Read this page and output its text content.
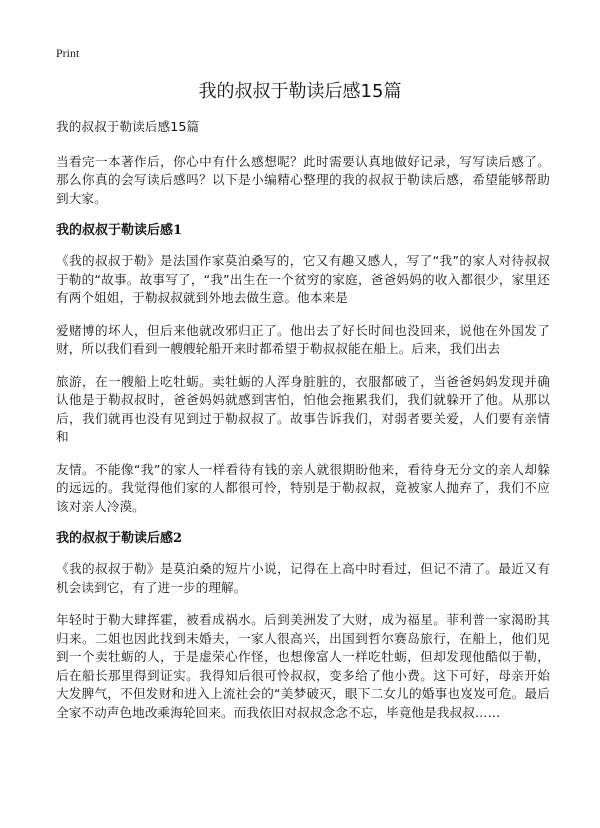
Print
我的叔叔于勒读后感15篇

我的叔叔于勒读后感15篇

当看完一本著作后，你心中有什么感想呢？此时需要认真地做好记录，写写读后感了。那么你真的会写读后感吗？以下是小编精心整理的我的叔叔于勒读后感，希望能够帮助到大家。

我的叔叔于勒读后感1

《我的叔叔于勒》是法国作家莫泊桑写的，它又有趣又感人，写了“我”的家人对待叔叔于勒的“故事。故事写了，“我”出生在一个贫穷的家庭，爸爸妈妈的收入都很少，家里还有两个姐姐，于勒叔叔就到外地去做生意。他本来是

爱赌博的坏人，但后来他就改邪归正了。他出去了好长时间也没回来，说他在外国发了财，所以我们看到一艘艘轮船开来时都希望于勒叔叔能在船上。后来，我们出去

旅游，在一艘船上吃牡蛎。卖牡蛎的人浑身脏脏的，衣服都破了，当爸爸妈妈发现并确认他是于勒叔叔时，爸爸妈妈就感到害怕，怕他会拖累我们，我们就躲开了他。从那以后，我们就再也没有见到过于勒叔叔了。故事告诉我们，对弱者要关爱，人们要有亲情和

友情。不能像“我”的家人一样看待有钱的亲人就很期盼他来，看待身无分文的亲人却躲的远远的。我觉得他们家的人都很可怜，特别是于勒叔叔，竟被家人抛弃了，我们不应该对亲人冷漠。

我的叔叔于勒读后感2

《我的叔叔于勒》是莫泊桑的短片小说，记得在上高中时看过，但记不清了。最近又有机会读到它，有了进一步的理解。

年轻时于勒大肆挥霍，被看成祸水。后到美洲发了大财，成为福星。菲利普一家渴盼其归来。二姐也因此找到未婚夫，一家人很高兴，出国到哲尔赛岛旅行，在船上，他们见到一个卖牡蛎的人，于是虚荣心作怪，也想像富人一样吃牡蛎，但却发现他酷似于勒，后在船长那里得到证实。我得知后很可怜叔叔，变多给了他小费。这下可好，母亲开始大发脾气，不但发财和进入上流社会的“美梦破灭，眼下二女儿的婚事也岌岌可危。最后全家不动声色地改乘海轮回来。而我依旧对叔叔念念不忘，毕竟他是我叔叔……
